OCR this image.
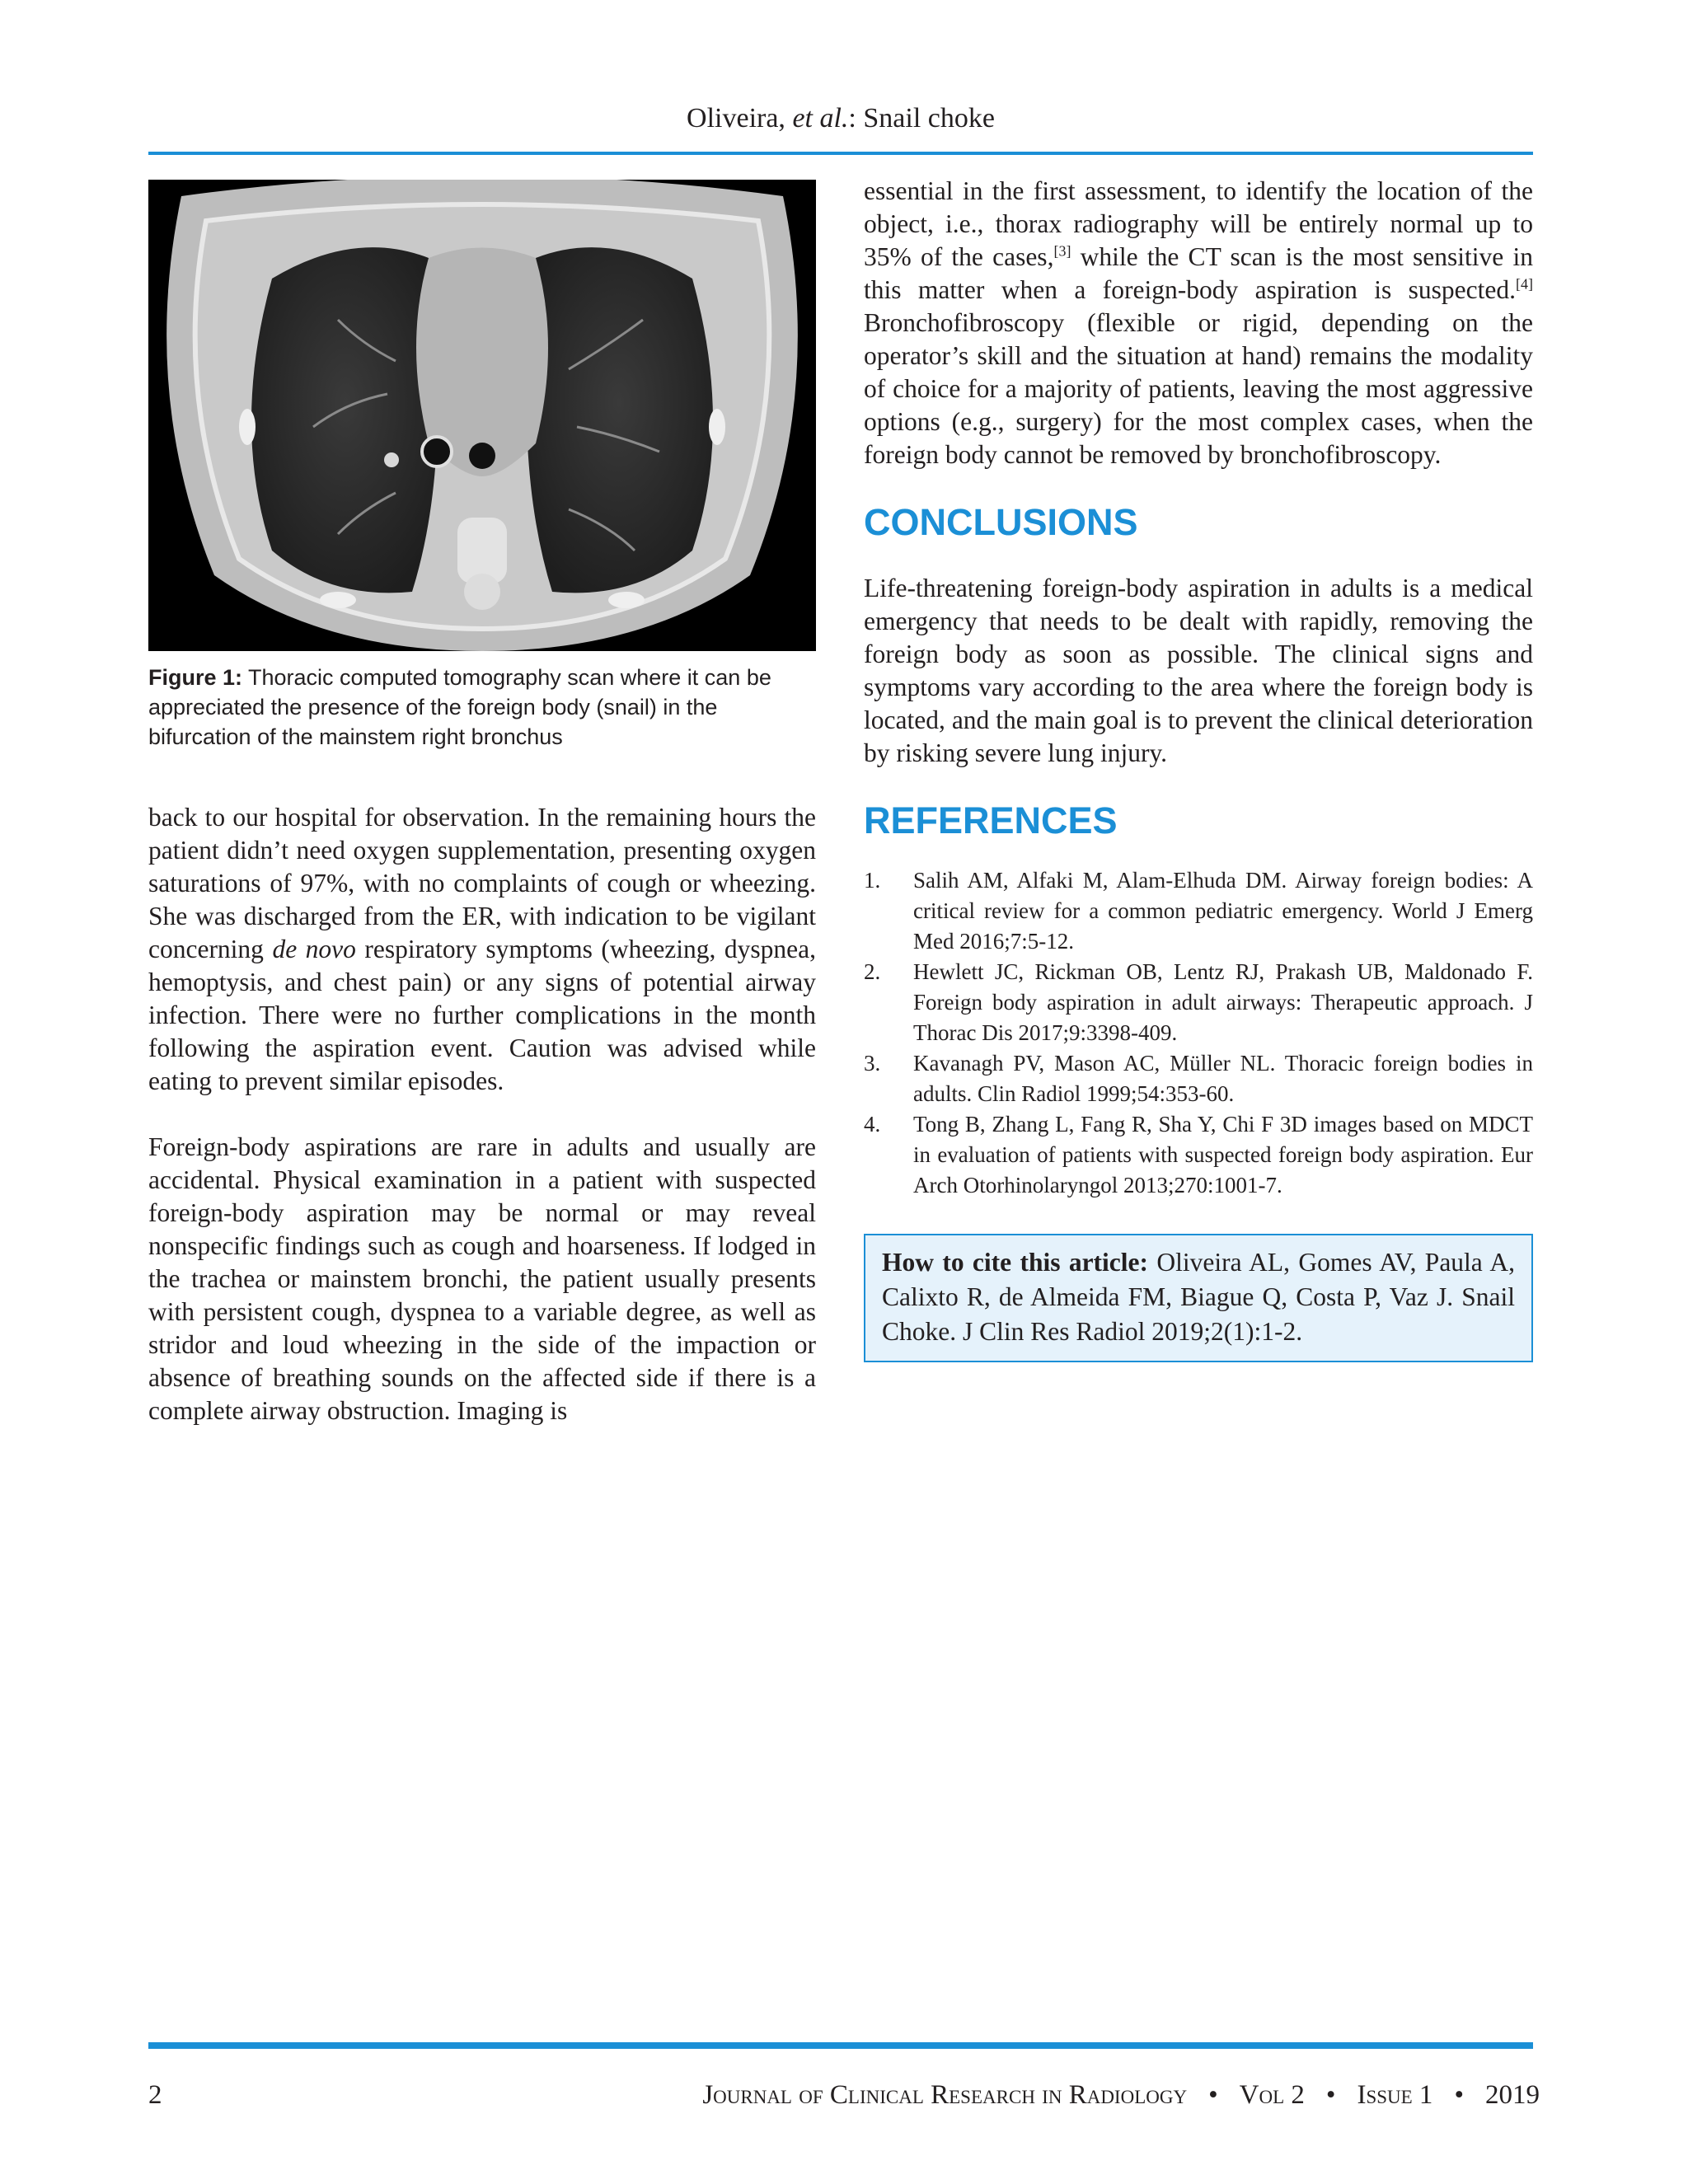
Oliveira, et al.: Snail choke
Figure 1: Thoracic computed tomography scan where it can be appreciated the presence of the foreign body (snail) in the bifurcation of the mainstem right bronchus

back to our hospital for observation. In the remaining hours the patient didn’t need oxygen supplementation, presenting oxygen saturations of 97%, with no complaints of cough or wheezing. She was discharged from the ER, with indication to be vigilant concerning de novo respiratory symptoms (wheezing, dyspnea, hemoptysis, and chest pain) or any signs of potential airway infection. There were no further complications in the month following the aspiration event. Caution was advised while eating to prevent similar episodes.

Foreign-body aspirations are rare in adults and usually are accidental. Physical examination in a patient with suspected foreign-body aspiration may be normal or may reveal nonspecific findings such as cough and hoarseness. If lodged in the trachea or mainstem bronchi, the patient usually presents with persistent cough, dyspnea to a variable degree, as well as stridor and loud wheezing in the side of the impaction or absence of breathing sounds on the affected side if there is a complete airway obstruction. Imaging is

essential in the first assessment, to identify the location of the object, i.e., thorax radiography will be entirely normal up to 35% of the cases,[3] while the CT scan is the most sensitive in this matter when a foreign-body aspiration is suspected.[4] Bronchofibroscopy (flexible or rigid, depending on the operator’s skill and the situation at hand) remains the modality of choice for a majority of patients, leaving the most aggressive options (e.g., surgery) for the most complex cases, when the foreign body cannot be removed by bronchofibroscopy.

CONCLUSIONS

Life-threatening foreign-body aspiration in adults is a medical emergency that needs to be dealt with rapidly, removing the foreign body as soon as possible. The clinical signs and symptoms vary according to the area where the foreign body is located, and the main goal is to prevent the clinical deterioration by risking severe lung injury.

REFERENCES
1. Salih AM, Alfaki M, Alam-Elhuda DM. Airway foreign bodies: A critical review for a common pediatric emergency. World J Emerg Med 2016;7:5-12.
2. Hewlett JC, Rickman OB, Lentz RJ, Prakash UB, Maldonado F. Foreign body aspiration in adult airways: Therapeutic approach. J Thorac Dis 2017;9:3398-409.
3. Kavanagh PV, Mason AC, Müller NL. Thoracic foreign bodies in adults. Clin Radiol 1999;54:353-60.
4. Tong B, Zhang L, Fang R, Sha Y, Chi F 3D images based on MDCT in evaluation of patients with suspected foreign body aspiration. Eur Arch Otorhinolaryngol 2013;270:1001-7.
How to cite this article: Oliveira AL, Gomes AV, Paula A, Calixto R, de Almeida FM, Biague Q, Costa P, Vaz J. Snail Choke. J Clin Res Radiol 2019;2(1):1-2.
2	Journal of Clinical Research in Radiology • Vol 2 • Issue 1 • 2019
